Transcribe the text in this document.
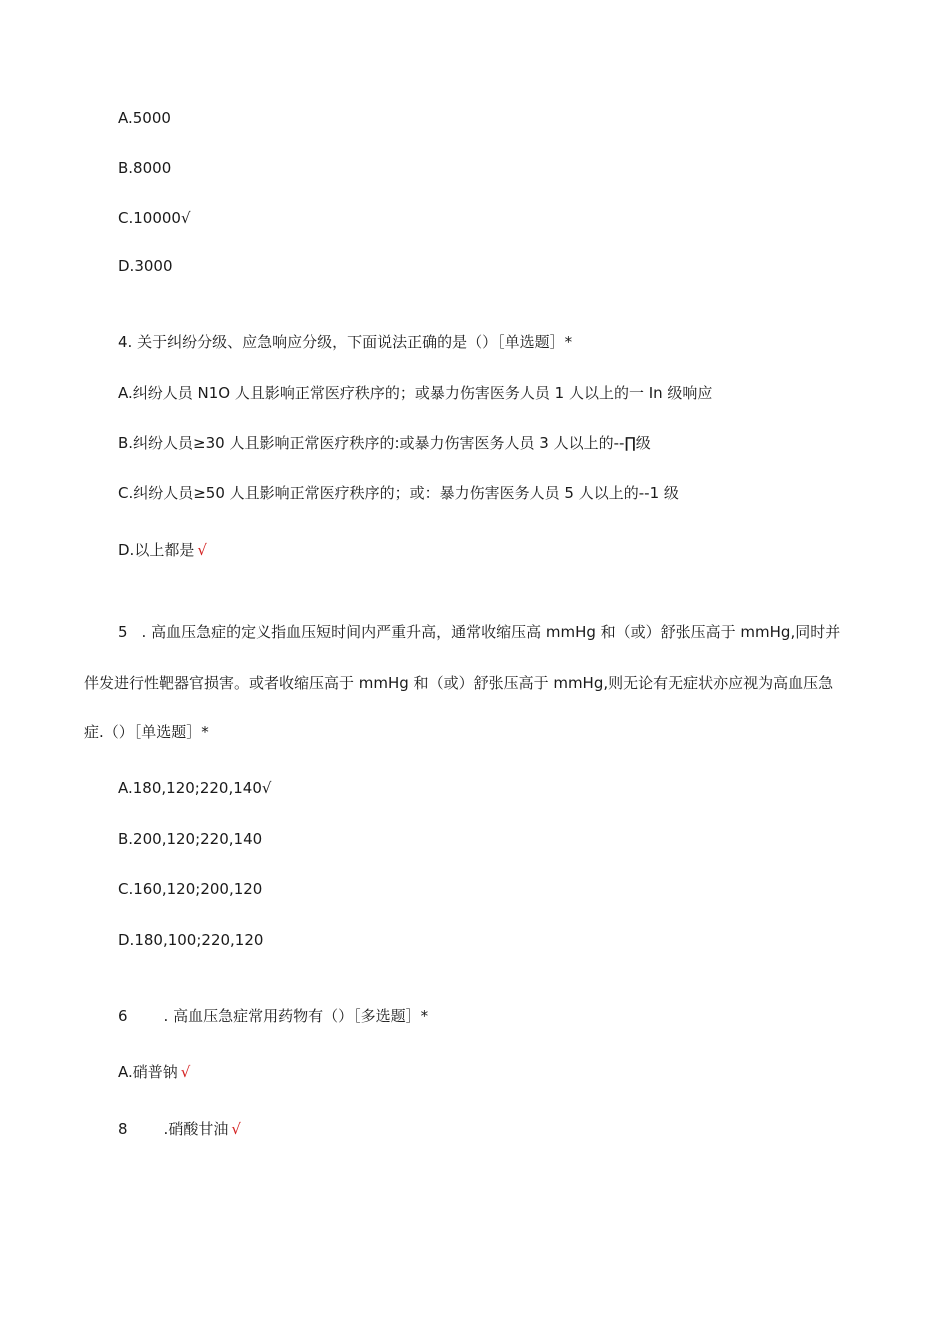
A.5000
B.8000
C.10000√
D.3000
4. 关于纠纷分级、应急响应分级，下面说法正确的是（）［单选题］*
A.纠纷人员 N1O 人且影响正常医疗秩序的；或暴力伤害医务人员 1 人以上的一 In 级响应
B.纠纷人员≥30 人且影响正常医疗秩序的:或暴力伤害医务人员 3 人以上的--∏级
C.纠纷人员≥50 人且影响正常医疗秩序的；或：暴力伤害医务人员 5 人以上的--1 级
D.以上都是 √
5 . 高血压急症的定义指血压短时间内严重升高，通常收缩压高 mmHg 和（或）舒张压高于 mmHg,同时并
伴发进行性靶器官损害。或者收缩压高于 mmHg 和（或）舒张压高于 mmHg,则无论有无症状亦应视为高血压急
症.（）［单选题］*
A.180,120;220,140√
B.200,120;220,140
C.160,120;200,120
D.180,100;220,120
6 . 高血压急症常用药物有（）［多选题］*
A.硝普钠 √
8 .硝酸甘油 √
